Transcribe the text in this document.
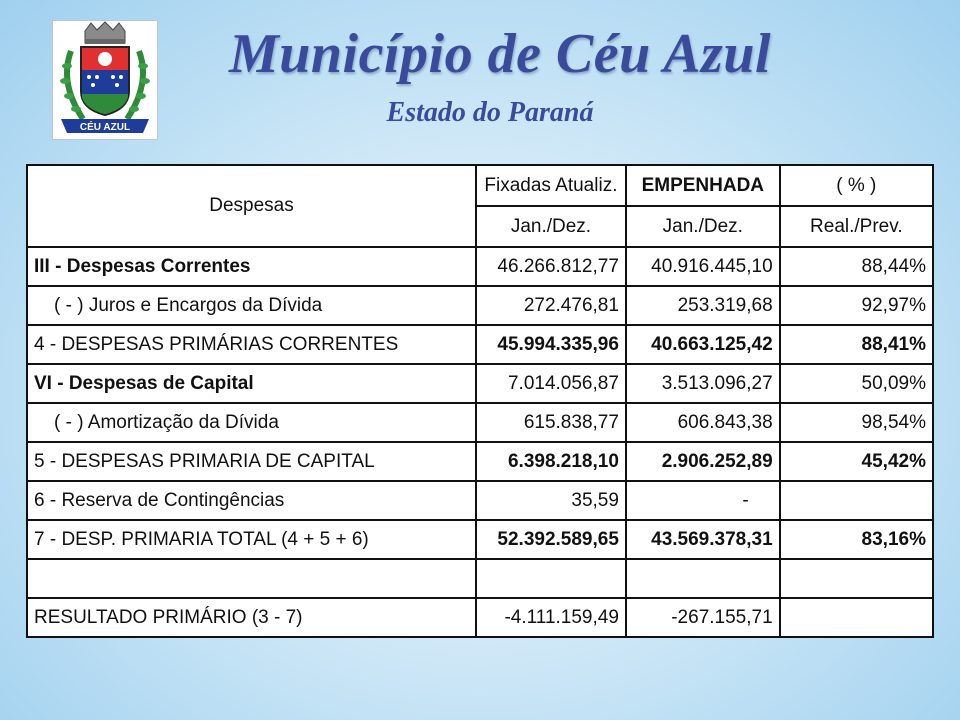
CÉU AZUL
Município de Céu Azul
Estado do Paraná
Despesas	Fixadas Atualiz.	EMPENHADA	( % )
	Jan./Dez.	Jan./Dez.	Real./Prev.
III - Despesas Correntes	46.266.812,77	40.916.445,10	88,44%
( - ) Juros e Encargos da Dívida	272.476,81	253.319,68	92,97%
4 - DESPESAS PRIMÁRIAS CORRENTES	45.994.335,96	40.663.125,42	88,41%
VI - Despesas de Capital	7.014.056,87	3.513.096,27	50,09%
( - ) Amortização da Dívida	615.838,77	606.843,38	98,54%
5 - DESPESAS PRIMARIA DE CAPITAL	6.398.218,10	2.906.252,89	45,42%
6 - Reserva de Contingências	35,59	-	
7 - DESP. PRIMARIA TOTAL (4 + 5 + 6)	52.392.589,65	43.569.378,31	83,16%

RESULTADO PRIMÁRIO (3 - 7)	-4.111.159,49	-267.155,71	
